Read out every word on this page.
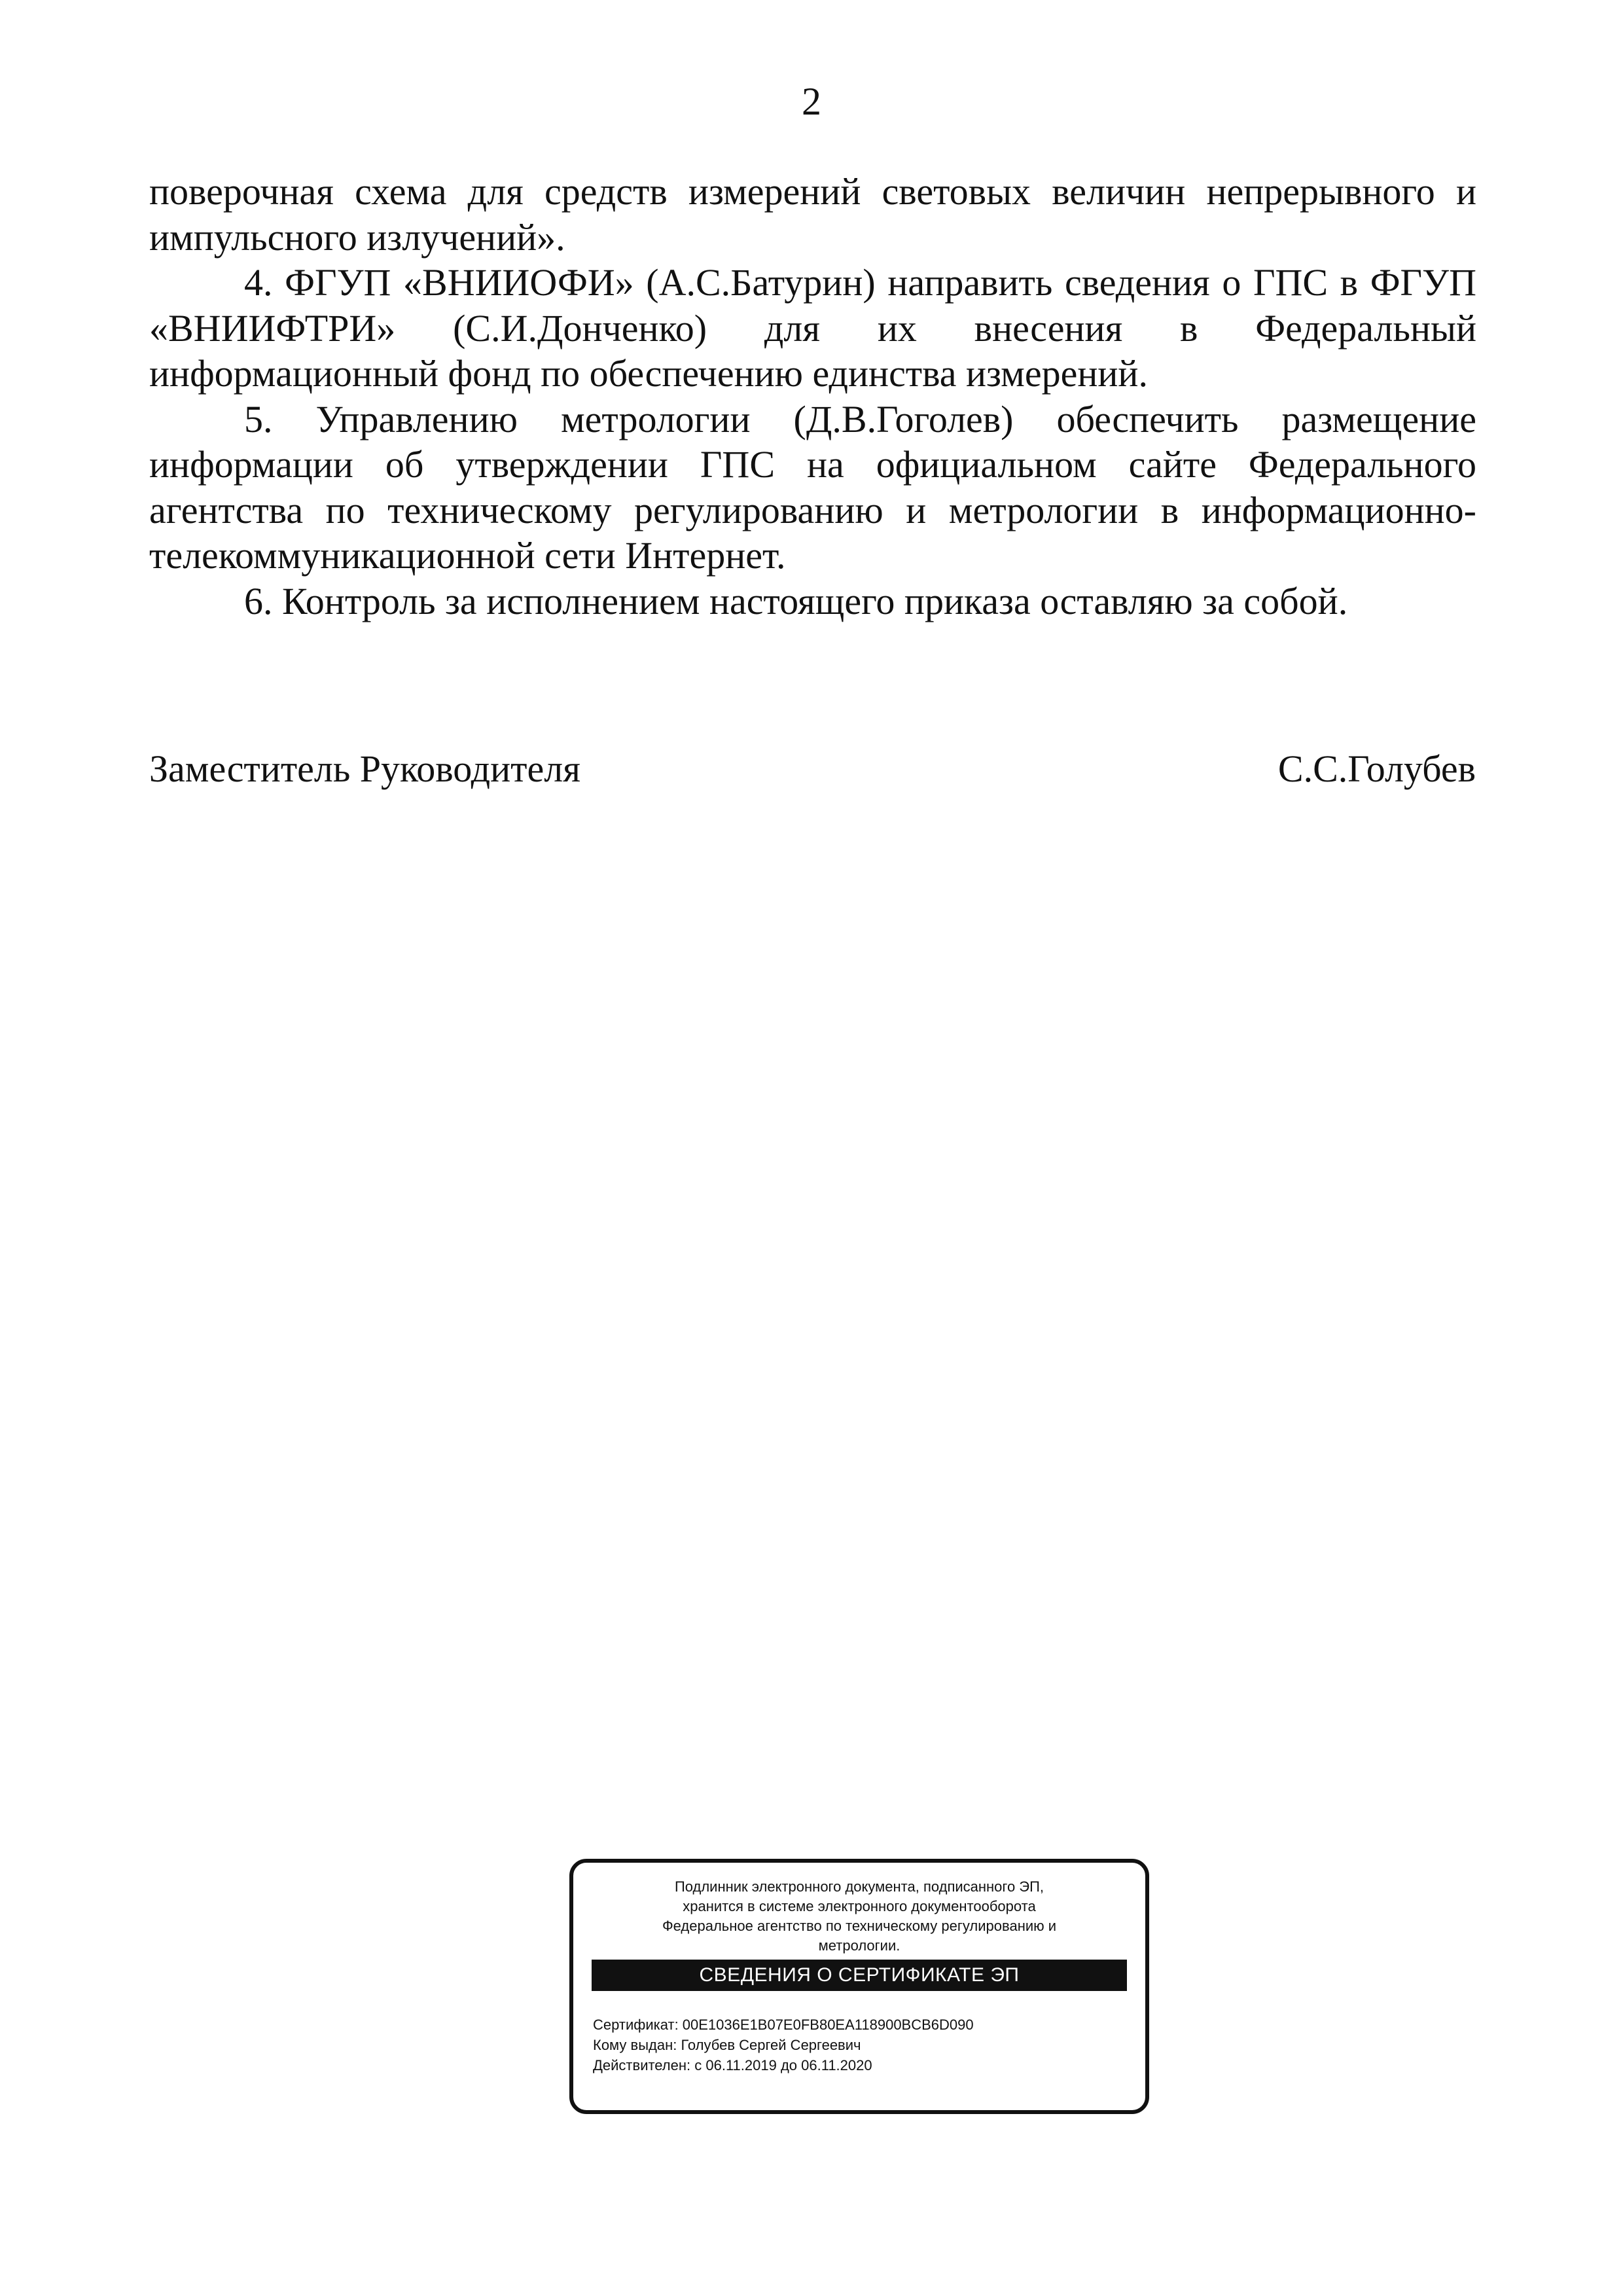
2

поверочная схема для средств измерений световых величин непрерывного и импульсного излучений».

4. ФГУП «ВНИИОФИ» (А.С.Батурин) направить сведения о ГПС в ФГУП «ВНИИФТРИ» (С.И.Донченко) для их внесения в Федеральный информационный фонд по обеспечению единства измерений.

5. Управлению метрологии (Д.В.Гоголев) обеспечить размещение информации об утверждении ГПС на официальном сайте Федерального агентства по техническому регулированию и метрологии в информационно-телекоммуникационной сети Интернет.

6. Контроль за исполнением настоящего приказа оставляю за собой.

Заместитель Руководителя	С.С.Голубев
Подлинник электронного документа, подписанного ЭП,
хранится в системе электронного документооборота
Федеральное агентство по техническому регулированию и
метрологии.
СВЕДЕНИЯ О СЕРТИФИКАТЕ ЭП
Сертификат: 00E1036E1B07E0FB80EA118900BCB6D090
Кому выдан: Голубев Сергей Сергеевич
Действителен: с 06.11.2019 до 06.11.2020
